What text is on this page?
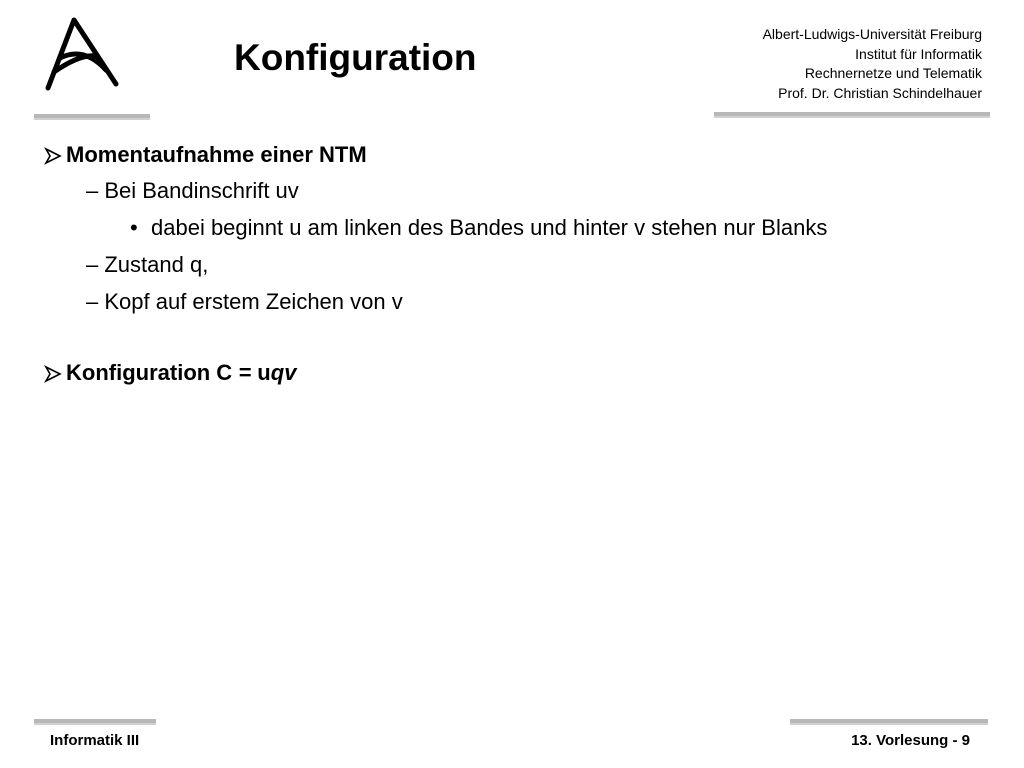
Konfiguration
Albert-Ludwigs-Universität Freiburg
Institut für Informatik
Rechnernetze und Telematik
Prof. Dr. Christian Schindelhauer
Momentaufnahme einer NTM
– Bei Bandinschrift uv
• dabei beginnt u am linken des Bandes und hinter v stehen nur Blanks
– Zustand q,
– Kopf auf erstem Zeichen von v
Konfiguration C = uqv
Informatik III	13. Vorlesung - 9
